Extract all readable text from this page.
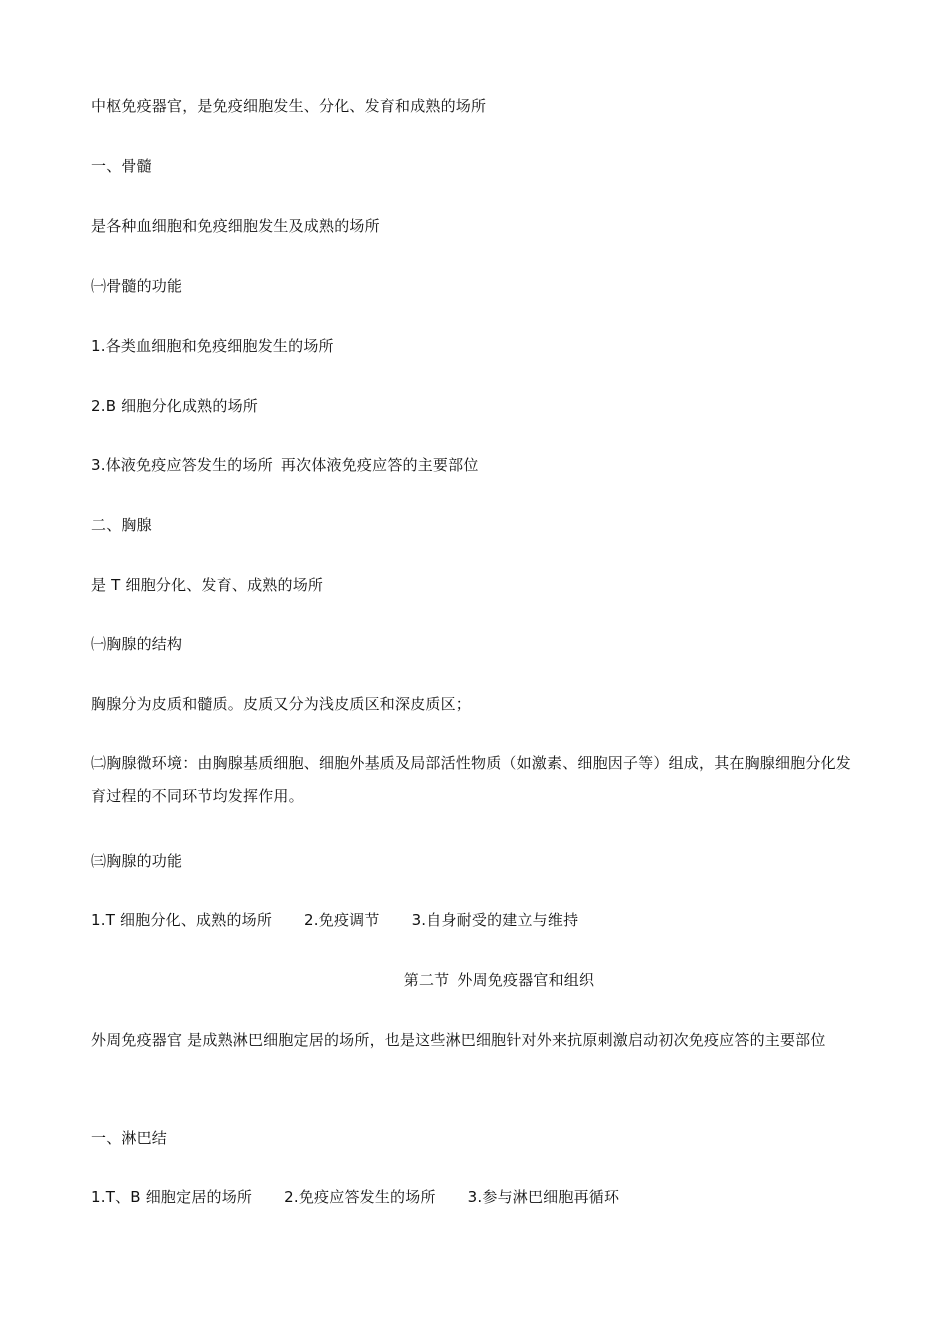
中枢免疫器官，是免疫细胞发生、分化、发育和成熟的场所
一、骨髓
是各种血细胞和免疫细胞发生及成熟的场所
㈠骨髓的功能
1.各类血细胞和免疫细胞发生的场所
2.B 细胞分化成熟的场所
3.体液免疫应答发生的场所 再次体液免疫应答的主要部位
二、胸腺
是 T 细胞分化、发育、成熟的场所
㈠胸腺的结构
胸腺分为皮质和髓质。皮质又分为浅皮质区和深皮质区；
㈡胸腺微环境：由胸腺基质细胞、细胞外基质及局部活性物质（如激素、细胞因子等）组成，其在胸腺细胞分化发育过程的不同环节均发挥作用。
㈢胸腺的功能
1.T 细胞分化、成熟的场所 2.免疫调节 3.自身耐受的建立与维持
第二节 外周免疫器官和组织
外周免疫器官 是成熟淋巴细胞定居的场所，也是这些淋巴细胞针对外来抗原刺激启动初次免疫应答的主要部位
一、淋巴结
1.T、B 细胞定居的场所 2.免疫应答发生的场所 3.参与淋巴细胞再循环
